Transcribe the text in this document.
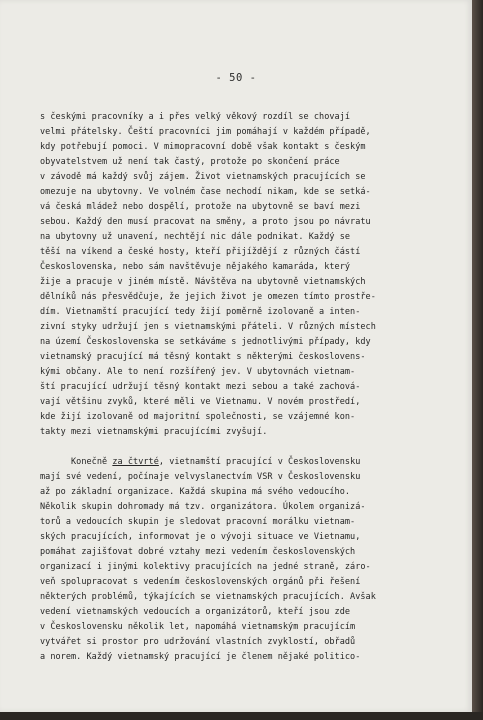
- 50 -
s českými pracovníky a i přes velký věkový rozdíl se chovají
velmi přátelsky. Čeští pracovníci jim pomáhají v každém případě,
kdy potřebují pomoci. V mimopracovní době však kontakt s českým
obyvatelstvem už není tak častý, protože po skončení práce
v závodě má každý svůj zájem. Život vietnamských pracujících se
omezuje na ubytovny. Ve volném čase nechodí nikam, kde se setká-
vá česká mládež nebo dospělí, protože na ubytovně se baví mezi
sebou. Každý den musí pracovat na směny, a proto jsou po návratu
na ubytovny už unavení, nechtějí nic dále podnikat. Každý se
těší na víkend a české hosty, kteří přijíždějí z různých částí
Československa, nebo sám navštěvuje nějakého kamaráda, který
žije a pracuje v jiném místě. Návštěva na ubytovně vietnamských
dělníků nás přesvědčuje, že jejich život je omezen tímto prostře-
dím. Vietnamští pracující tedy žijí poměrně izolovaně a inten-
zivní styky udržují jen s vietnamskými přáteli. V různých místech
na území Československa se setkáváme s jednotlivými případy, kdy
vietnamský pracující má těsný kontakt s některými českoslovens-
kými občany. Ale to není rozšířený jev. V ubytovnách vietnam-
ští pracující udržují těsný kontakt mezi sebou a také zachová-
vají většinu zvyků, které měli ve Vietnamu. V novém prostředí,
kde žijí izolovaně od majoritní společnosti, se vzájemné kon-
takty mezi vietnamskými pracujícími zvyšují.
Konečně za čtvrté, vietnamští pracující v Československu
mají své vedení, počínaje velvyslanectvím VSR v Československu
až po základní organizace. Každá skupina má svého vedoucího.
Několik skupin dohromady má tzv. organizátora. Úkolem organizá-
torů a vedoucích skupin je sledovat pracovní morálku vietnam-
ských pracujících, informovat je o vývoji situace ve Vietnamu,
pomáhat zajišťovat dobré vztahy mezi vedením československých
organizací i jinými kolektivy pracujících na jedné straně, záro-
veň spolupracovat s vedením československých orgánů při řešení
některých problémů, týkajících se vietnamských pracujících. Avšak
vedení vietnamských vedoucích a organizátorů, kteří jsou zde
v Československu několik let, napomáhá vietnamským pracujícím
vytvářet si prostor pro udržování vlastních zvyklostí, obřadů
a norem. Každý vietnamský pracující je členem nějaké politico-
